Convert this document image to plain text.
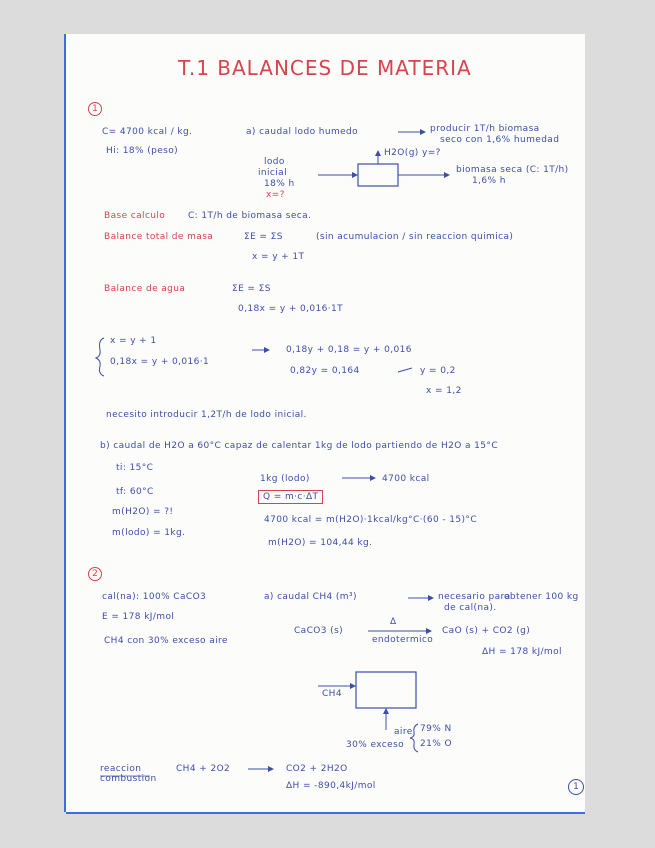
T.1 BALANCES DE MATERIA
1
C= 4700 kcal / kg.
Hi: 18% (peso)
a) caudal lodo humedo	producir 1T/h biomasa
seco con 1,6% humedad
H2O(g) y=?
lodo
inicial
18% h
x=?
biomasa seca (C: 1T/h)
1,6% h
Base calculo	C: 1T/h de biomasa seca.
Balance total de masa	ΣE = ΣS	(sin acumulacion / sin reaccion quimica)
x = y + 1T
Balance de agua	ΣE = ΣS
0,18x = y + 0,016·1T
x = y + 1
0,18x = y + 0,016·1
0,18y + 0,18 = y + 0,016
0,82y = 0,164	y = 0,2
x = 1,2
necesito introducir 1,2T/h de lodo inicial.
b) caudal de H2O a 60°C capaz de calentar 1kg de lodo partiendo de H2O a 15°C
ti: 15°C
tf: 60°C
m(H2O) = ?!
m(lodo) = 1kg.
1kg (lodo)	4700 kcal
Q = m·c·ΔT
4700 kcal = m(H2O)·1kcal/kg°C·(60 - 15)°C
m(H2O) = 104,44 kg.
2
cal(na): 100% CaCO3
E = 178 kJ/mol
CH4 con 30% exceso aire
a) caudal CH4 (m³)	necesario para
obtener 100 kg
de cal(na).
CaCO3 (s)
Δ
endotermico
CaO (s) + CO2 (g)
ΔH = 178 kJ/mol
CH4
aire
30% exceso
79% N
21% O
reaccion
combustion
CH4 + 2O2	CO2 + 2H2O
ΔH = -890,4kJ/mol	1
